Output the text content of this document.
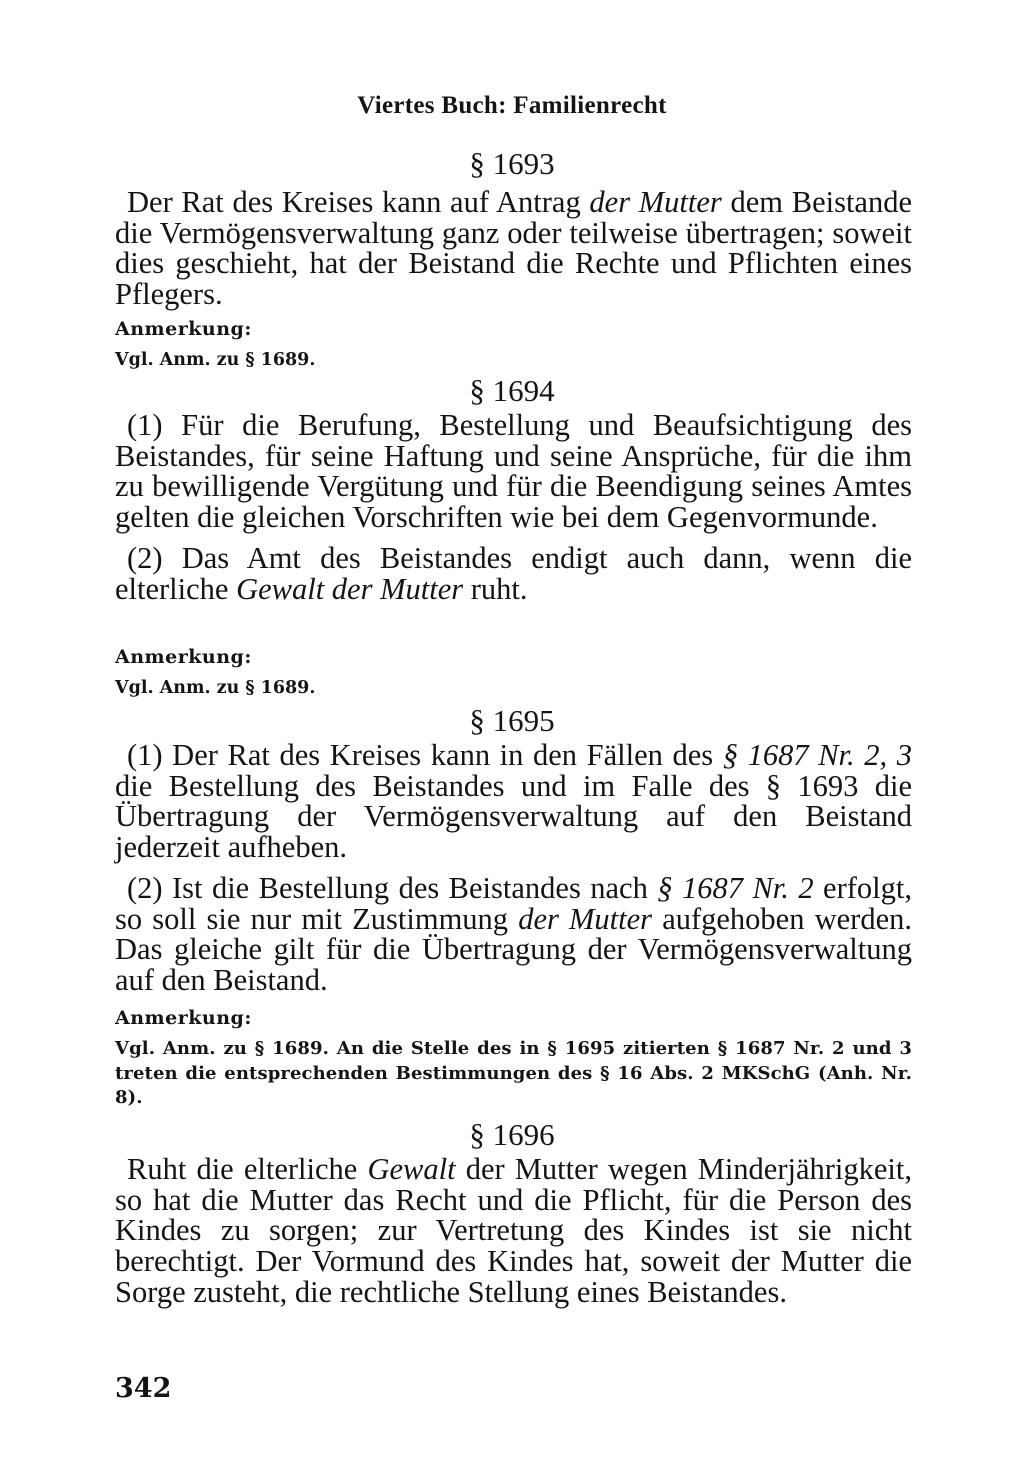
Viertes Buch: Familienrecht
§ 1693

Der Rat des Kreises kann auf Antrag der Mutter dem Beistande die Vermögensverwaltung ganz oder teilweise übertragen; soweit dies geschieht, hat der Beistand die Rechte und Pflichten eines Pflegers.

Anmerkung:

Vgl. Anm. zu § 1689.

§ 1694

(1) Für die Berufung, Bestellung und Beaufsichtigung des Beistandes, für seine Haftung und seine Ansprüche, für die ihm zu bewilligende Vergütung und für die Beendigung seines Amtes gelten die gleichen Vorschriften wie bei dem Gegenvormunde.

(2) Das Amt des Beistandes endigt auch dann, wenn die elterliche Gewalt der Mutter ruht.

Anmerkung:

Vgl. Anm. zu § 1689.

§ 1695

(1) Der Rat des Kreises kann in den Fällen des § 1687 Nr. 2, 3 die Bestellung des Beistandes und im Falle des § 1693 die Übertragung der Vermögensverwaltung auf den Beistand jederzeit aufheben.

(2) Ist die Bestellung des Beistandes nach § 1687 Nr. 2 erfolgt, so soll sie nur mit Zustimmung der Mutter aufgehoben werden. Das gleiche gilt für die Übertragung der Vermögensverwaltung auf den Beistand.

Anmerkung:

Vgl. Anm. zu § 1689. An die Stelle des in § 1695 zitierten § 1687 Nr. 2 und 3 treten die entsprechenden Bestimmungen des § 16 Abs. 2 MKSchG (Anh. Nr. 8).

§ 1696

Ruht die elterliche Gewalt der Mutter wegen Minderjährigkeit, so hat die Mutter das Recht und die Pflicht, für die Person des Kindes zu sorgen; zur Vertretung des Kindes ist sie nicht berechtigt. Der Vormund des Kindes hat, soweit der Mutter die Sorge zusteht, die rechtliche Stellung eines Beistandes.

342
